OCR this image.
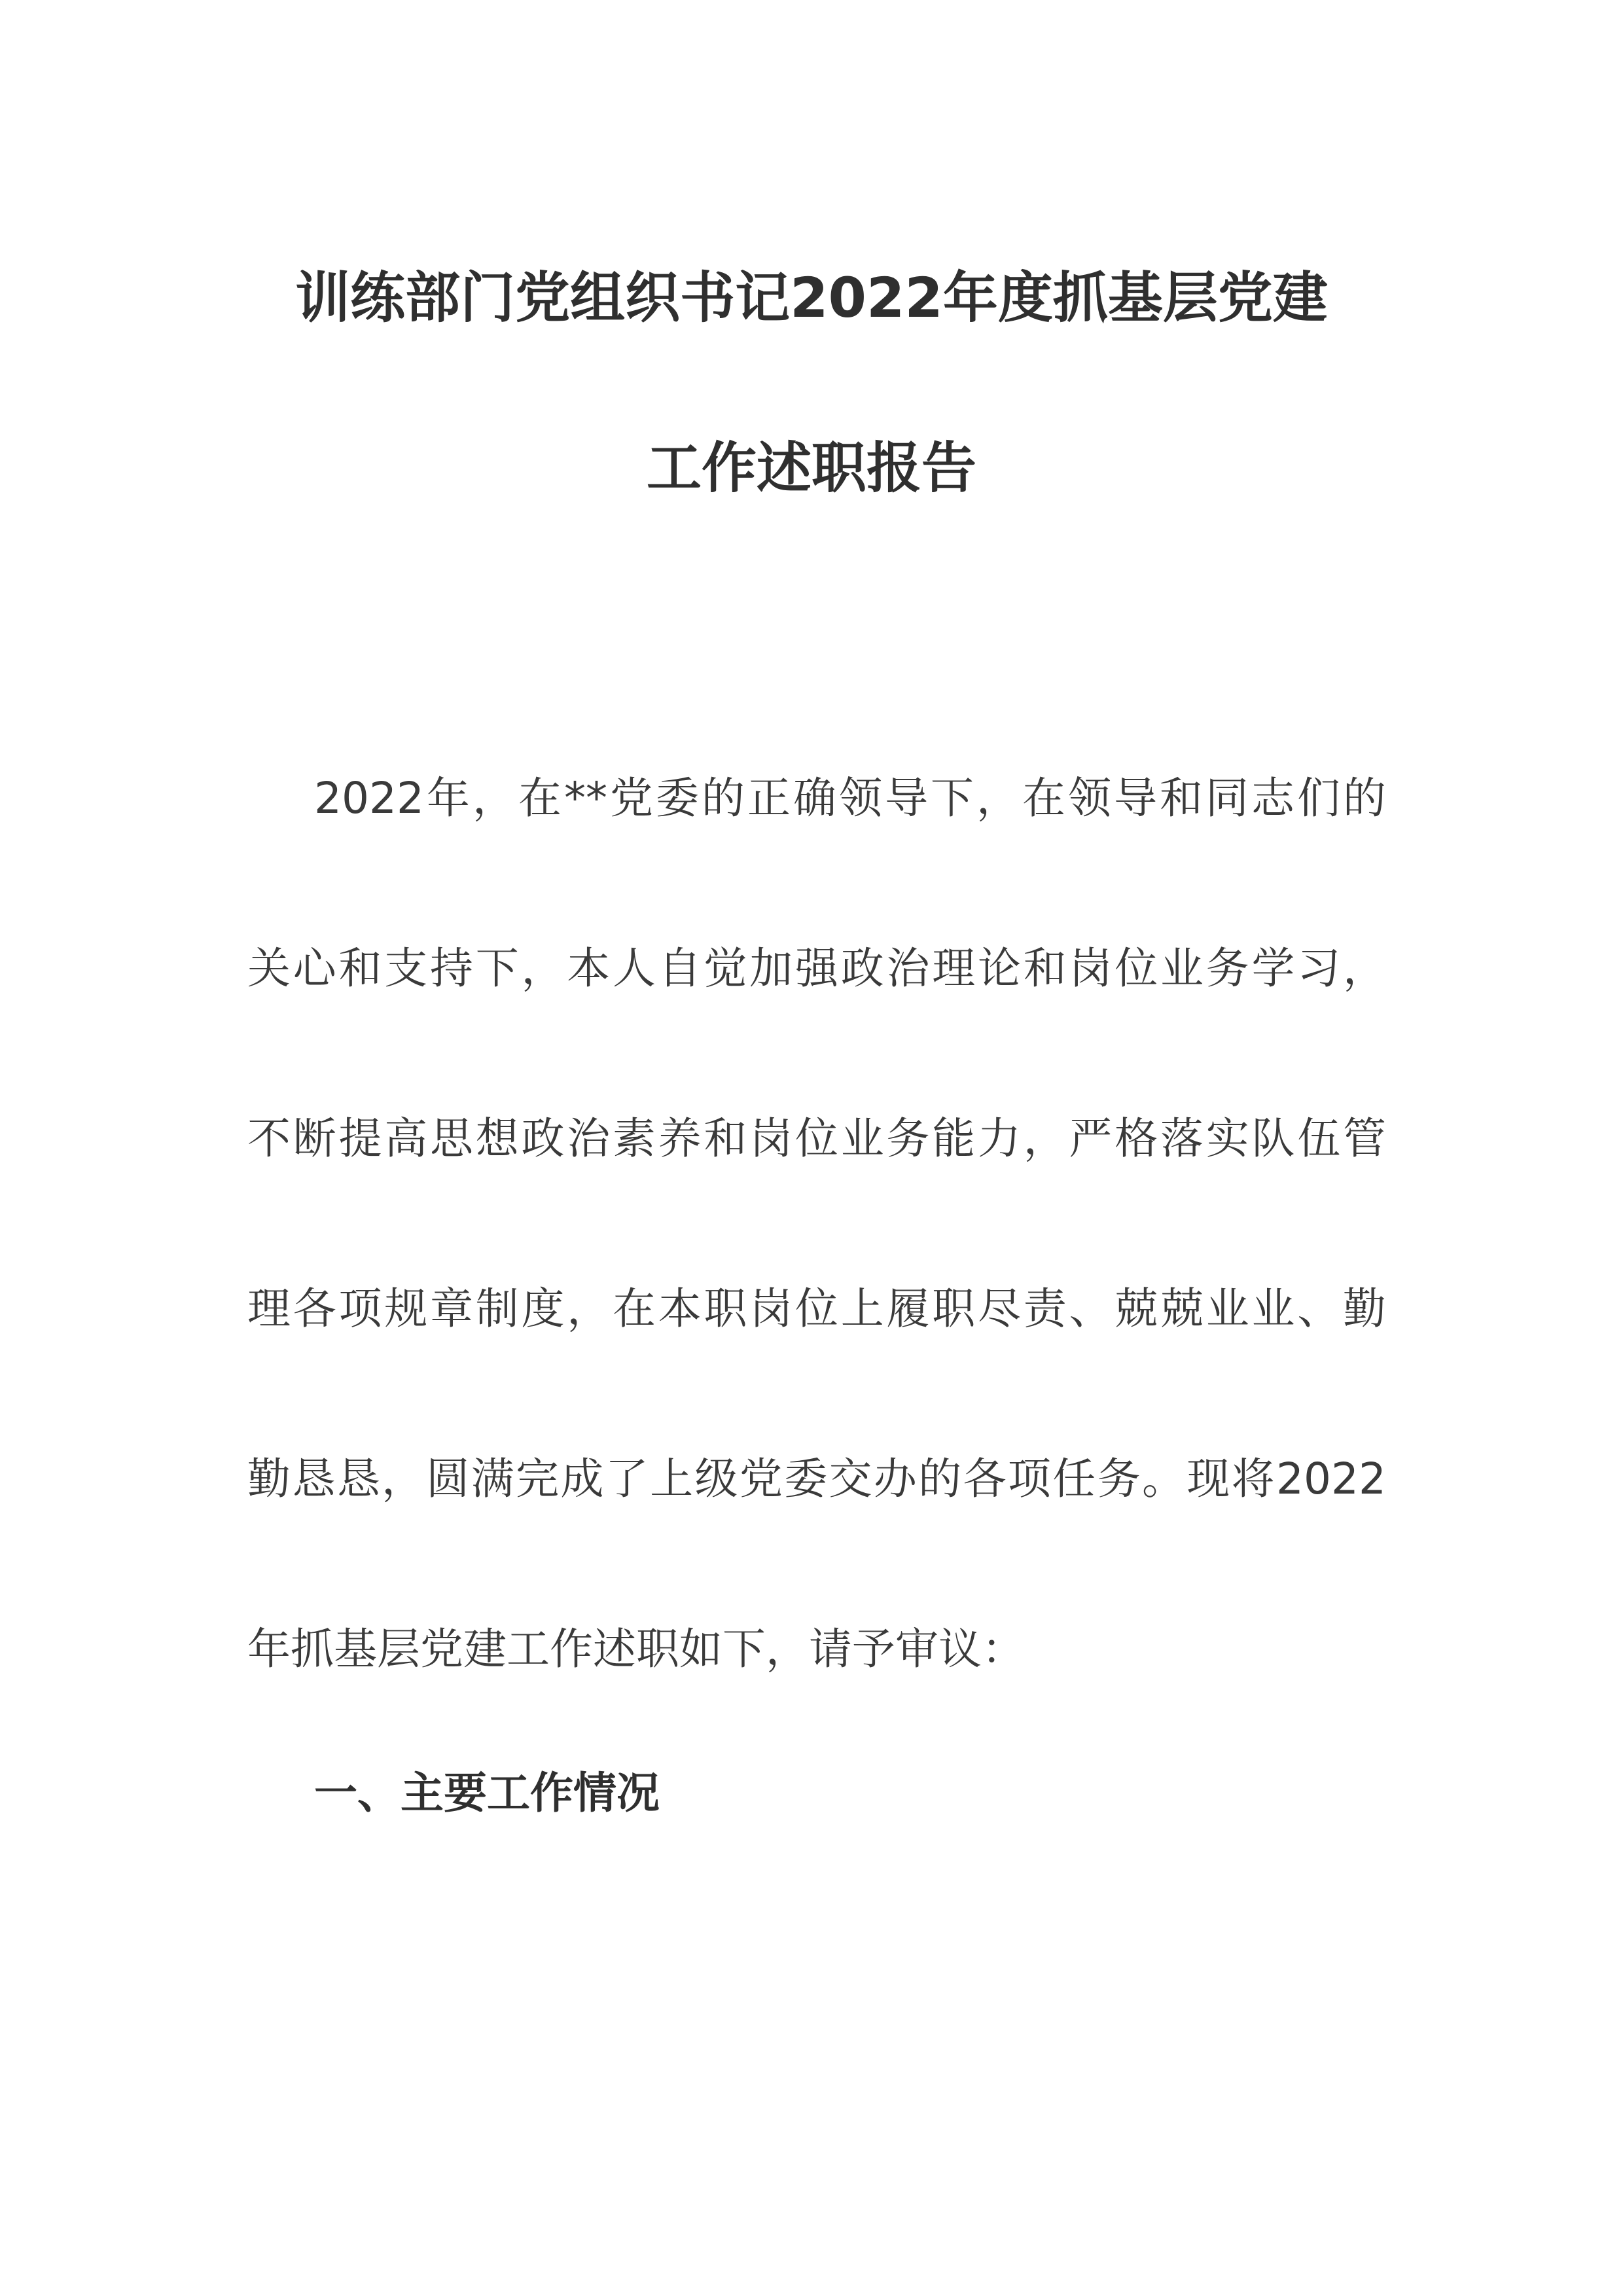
训练部门党组织书记2022年度抓基层党建
工作述职报告
2022年，在**党委的正确领导下，在领导和同志们的
关心和支持下，本人自觉加强政治理论和岗位业务学习，
不断提高思想政治素养和岗位业务能力，严格落实队伍管
理各项规章制度，在本职岗位上履职尽责、兢兢业业、勤
勤恳恳，圆满完成了上级党委交办的各项任务。现将2022
年抓基层党建工作述职如下，请予审议：
一、主要工作情况
